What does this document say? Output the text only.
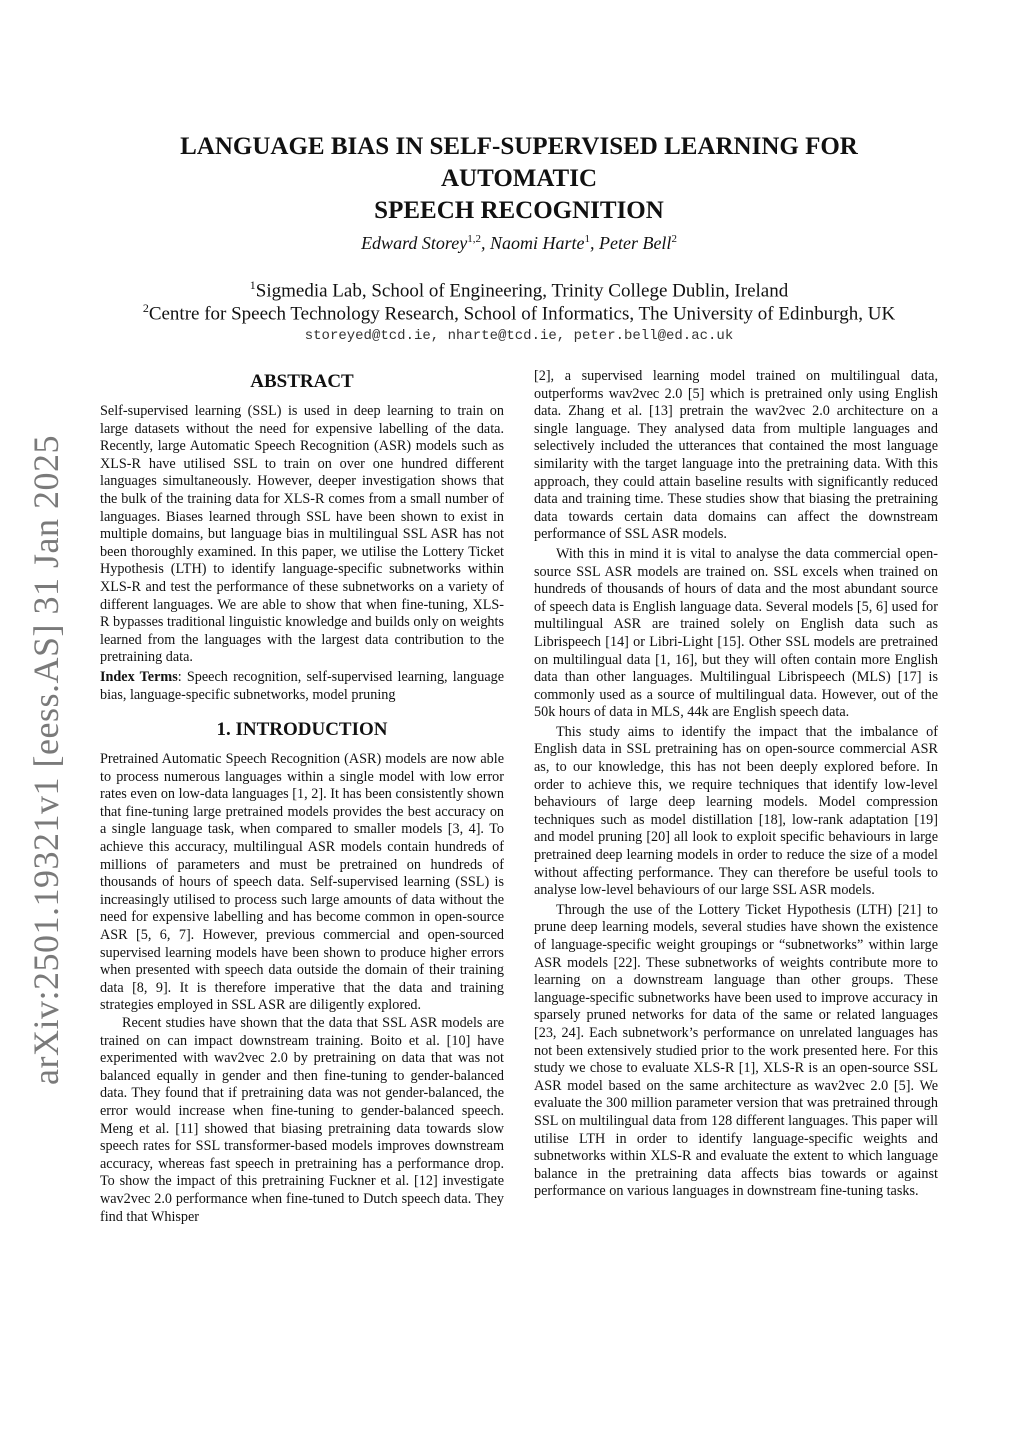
arXiv:2501.19321v1 [eess.AS] 31 Jan 2025
LANGUAGE BIAS IN SELF-SUPERVISED LEARNING FOR AUTOMATIC
SPEECH RECOGNITION

Edward Storey$^{1,2}$, Naomi Harte$^1$, Peter Bell$^2$

$^1$Sigmedia Lab, School of Engineering, Trinity College Dublin, Ireland

$^2$Centre for Speech Technology Research, School of Informatics, The University of Edinburgh, UK

storeyed@tcd.ie, nharte@tcd.ie, peter.bell@ed.ac.uk

ABSTRACT

Self-supervised learning (SSL) is used in deep learning to train on large datasets without the need for expensive labelling of the data. Recently, large Automatic Speech Recognition (ASR) models such as XLS-R have utilised SSL to train on over one hundred different languages simultaneously. However, deeper investigation shows that the bulk of the training data for XLS-R comes from a small number of languages. Biases learned through SSL have been shown to exist in multiple domains, but language bias in multilingual SSL ASR has not been thoroughly examined. In this paper, we utilise the Lottery Ticket Hypothesis (LTH) to identify language-specific subnetworks within XLS-R and test the performance of these subnetworks on a variety of different languages. We are able to show that when fine-tuning, XLS-R bypasses traditional linguistic knowledge and builds only on weights learned from the languages with the largest data contribution to the pretraining data.

Index Terms: Speech recognition, self-supervised learning, language bias, language-specific subnetworks, model pruning

1. INTRODUCTION

Pretrained Automatic Speech Recognition (ASR) models are now able to process numerous languages within a single model with low error rates even on low-data languages [1, 2]. It has been consistently shown that fine-tuning large pretrained models provides the best accuracy on a single language task, when compared to smaller models [3, 4]. To achieve this accuracy, multilingual ASR models contain hundreds of millions of parameters and must be pretrained on hundreds of thousands of hours of speech data. Self-supervised learning (SSL) is increasingly utilised to process such large amounts of data without the need for expensive labelling and has become common in open-source ASR [5, 6, 7]. However, previous commercial and open-sourced supervised learning models have been shown to produce higher errors when presented with speech data outside the domain of their training data [8, 9]. It is therefore imperative that the data and training strategies employed in SSL ASR are diligently explored.

Recent studies have shown that the data that SSL ASR models are trained on can impact downstream training. Boito et al. [10] have experimented with wav2vec 2.0 by pretraining on data that was not balanced equally in gender and then fine-tuning to gender-balanced data. They found that if pretraining data was not gender-balanced, the error would increase when fine-tuning to gender-balanced speech. Meng et al. [11] showed that biasing pretraining data towards slow speech rates for SSL transformer-based models improves downstream accuracy, whereas fast speech in pretraining has a performance drop. To show the impact of this pretraining Fuckner et al. [12] investigate wav2vec 2.0 performance when fine-tuned to Dutch speech data. They find that Whisper

[2], a supervised learning model trained on multilingual data, outperforms wav2vec 2.0 [5] which is pretrained only using English data. Zhang et al. [13] pretrain the wav2vec 2.0 architecture on a single language. They analysed data from multiple languages and selectively included the utterances that contained the most language similarity with the target language into the pretraining data. With this approach, they could attain baseline results with significantly reduced data and training time. These studies show that biasing the pretraining data towards certain data domains can affect the downstream performance of SSL ASR models.

With this in mind it is vital to analyse the data commercial open-source SSL ASR models are trained on. SSL excels when trained on hundreds of thousands of hours of data and the most abundant source of speech data is English language data. Several models [5, 6] used for multilingual ASR are trained solely on English data such as Librispeech [14] or Libri-Light [15]. Other SSL models are pretrained on multilingual data [1, 16], but they will often contain more English data than other languages. Multilingual Librispeech (MLS) [17] is commonly used as a source of multilingual data. However, out of the 50k hours of data in MLS, 44k are English speech data.

This study aims to identify the impact that the imbalance of English data in SSL pretraining has on open-source commercial ASR as, to our knowledge, this has not been deeply explored before. In order to achieve this, we require techniques that identify low-level behaviours of large deep learning models. Model compression techniques such as model distillation [18], low-rank adaptation [19] and model pruning [20] all look to exploit specific behaviours in large pretrained deep learning models in order to reduce the size of a model without affecting performance. They can therefore be useful tools to analyse low-level behaviours of our large SSL ASR models.

Through the use of the Lottery Ticket Hypothesis (LTH) [21] to prune deep learning models, several studies have shown the existence of language-specific weight groupings or “subnetworks” within large ASR models [22]. These subnetworks of weights contribute more to learning on a downstream language than other groups. These language-specific subnetworks have been used to improve accuracy in sparsely pruned networks for data of the same or related languages [23, 24]. Each subnetwork’s performance on unrelated languages has not been extensively studied prior to the work presented here. For this study we chose to evaluate XLS-R [1], XLS-R is an open-source SSL ASR model based on the same architecture as wav2vec 2.0 [5]. We evaluate the 300 million parameter version that was pretrained through SSL on multilingual data from 128 different languages. This paper will utilise LTH in order to identify language-specific weights and subnetworks within XLS-R and evaluate the extent to which language balance in the pretraining data affects bias towards or against performance on various languages in downstream fine-tuning tasks.
